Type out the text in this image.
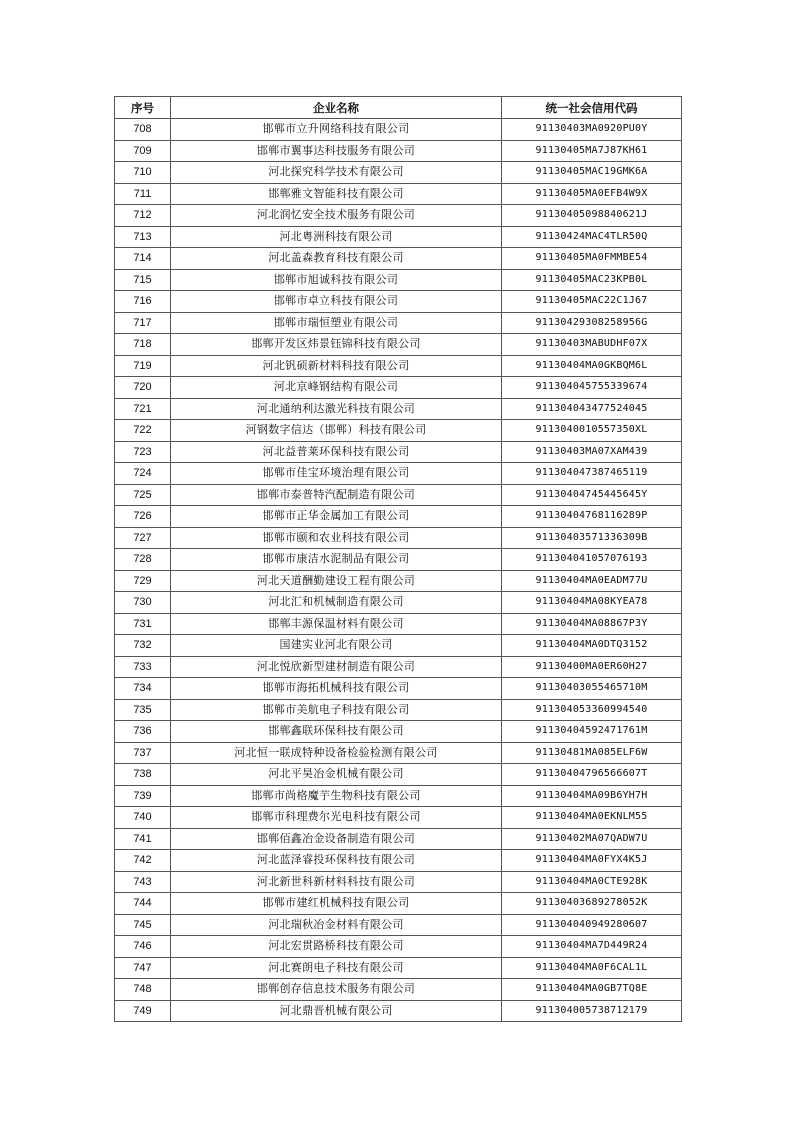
序号	企业名称	统一社会信用代码
708	邯郸市立升网络科技有限公司	91130403MA0920PU0Y
709	邯郸市翼事达科技服务有限公司	91130405MA7J87KH61
710	河北探究科学技术有限公司	91130405MAC19GMK6A
711	邯郸雅文智能科技有限公司	91130405MA0EFB4W9X
712	河北润忆安全技术服务有限公司	91130405098840621J
713	河北粤洲科技有限公司	91130424MAC4TLR50Q
714	河北盖森教育科技有限公司	91130405MA0FMMBE54
715	邯郸市旭诚科技有限公司	91130405MAC23KPB0L
716	邯郸市卓立科技有限公司	91130405MAC22C1J67
717	邯郸市瑞恒塑业有限公司	91130429308258956G
718	邯郸开发区炜景钰锦科技有限公司	91130403MABUDHF07X
719	河北钒硕新材料科技有限公司	91130404MA0GKBQM6L
720	河北京峰钢结构有限公司	911304045755339674
721	河北通纳利达激光科技有限公司	911304043477524045
722	河钢数字信达（邯郸）科技有限公司	9113040010557350XL
723	河北益普莱环保科技有限公司	91130403MA07XAM439
724	邯郸市佳宝环境治理有限公司	911304047387465119
725	邯郸市泰普特汽配制造有限公司	91130404745445645Y
726	邯郸市正华金属加工有限公司	91130404768116289P
727	邯郸市颐和农业科技有限公司	91130403571336309B
728	邯郸市康洁水泥制品有限公司	911304041057076193
729	河北天道酬勤建设工程有限公司	91130404MA0EADM77U
730	河北汇和机械制造有限公司	91130404MA08KYEA78
731	邯郸丰源保温材料有限公司	91130404MA08867P3Y
732	国建实业河北有限公司	91130404MA0DTQ3152
733	河北悦欣新型建材制造有限公司	91130400MA0ER60H27
734	邯郸市海拓机械科技有限公司	91130403055465710M
735	邯郸市美航电子科技有限公司	911304053360994540
736	邯郸鑫联环保科技有限公司	91130404592471761M
737	河北恒一联成特种设备检验检测有限公司	91130481MA085ELF6W
738	河北平昊冶金机械有限公司	91130404796566607T
739	邯郸市尚格魔芋生物科技有限公司	91130404MA09B6YH7H
740	邯郸市科理费尔光电科技有限公司	91130404MA0EKNLM55
741	邯郸佰鑫冶金设备制造有限公司	91130402MA07QADW7U
742	河北蓝泽睿投环保科技有限公司	91130404MA0FYX4K5J
743	河北新世科新材料科技有限公司	91130404MA0CTE928K
744	邯郸市建红机械科技有限公司	91130403689278052K
745	河北瑞秋冶金材料有限公司	911304040949280607
746	河北宏贯路桥科技有限公司	91130404MA7D449R24
747	河北赛朗电子科技有限公司	91130404MA0F6CAL1L
748	邯郸创存信息技术服务有限公司	91130404MA0GB7TQ8E
749	河北鼎晋机械有限公司	911304005738712179
